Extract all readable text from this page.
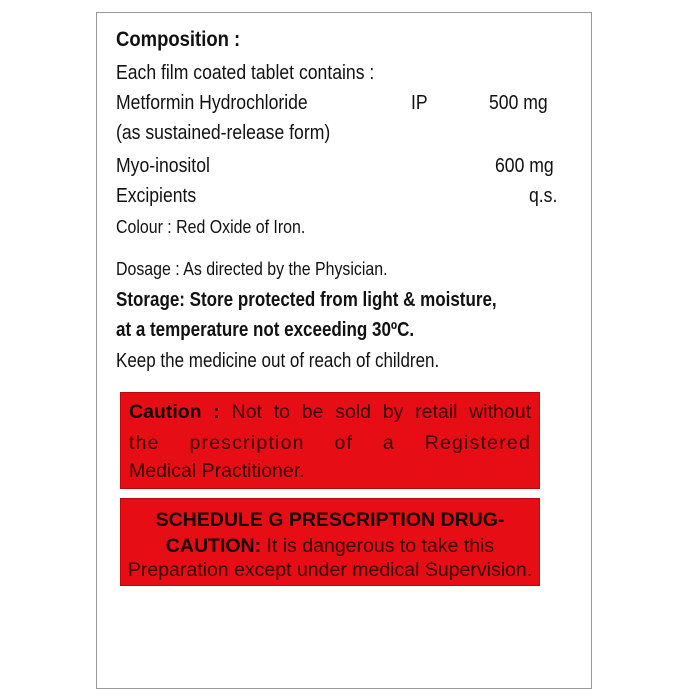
Composition :
Each film coated tablet contains :
Metformin Hydrochloride	IP	500 mg
(as sustained-release form)
Myo-inositol	600 mg
Excipients	q.s.
Colour : Red Oxide of Iron.
Dosage : As directed by the Physician.
Storage: Store protected from light & moisture,
at a temperature not exceeding 30ºC.
Keep the medicine out of reach of children.
Caution : Not to be sold by retail without
the prescription of a Registered
Medical Practitioner.
SCHEDULE G PRESCRIPTION DRUG-
CAUTION: It is dangerous to take this
Preparation except under medical Supervision.
